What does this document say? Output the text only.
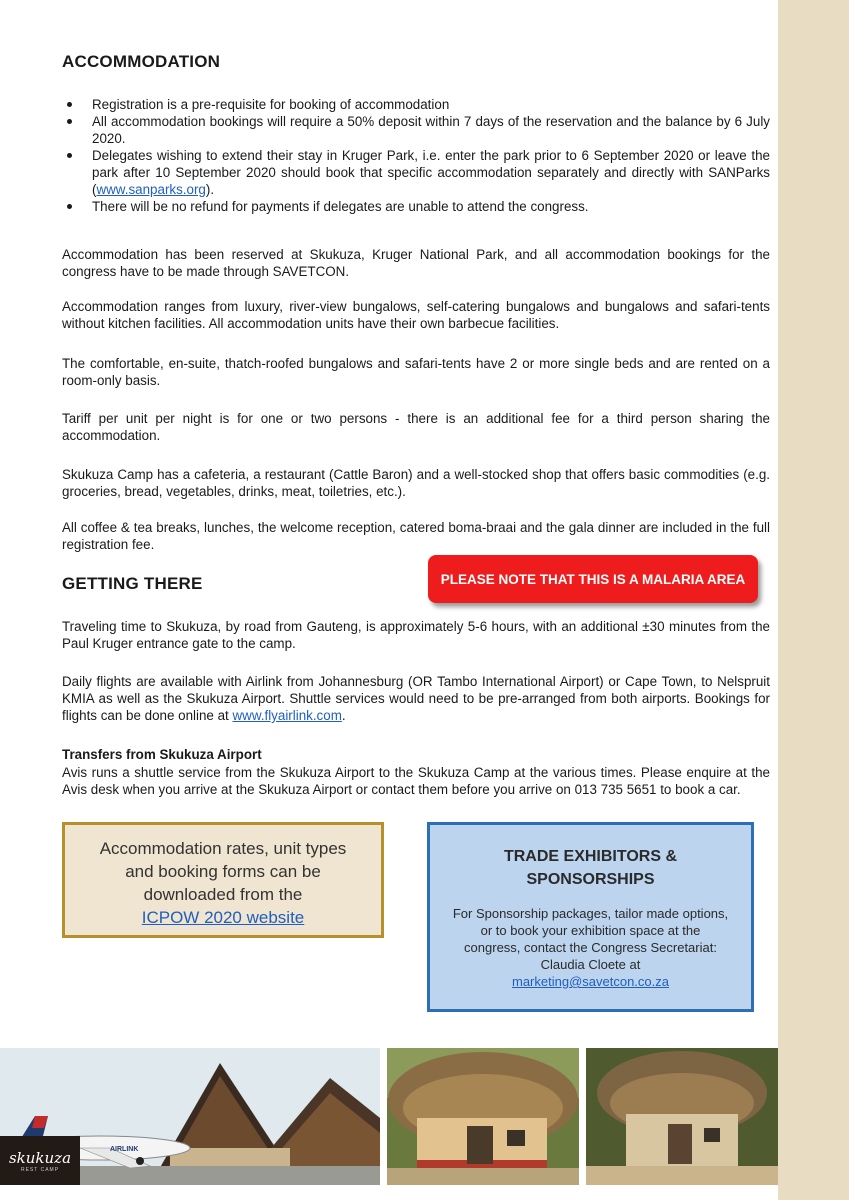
ACCOMMODATION
Registration is a pre-requisite for booking of accommodation
All accommodation bookings will require a 50% deposit within 7 days of the reservation and the balance by 6 July 2020.
Delegates wishing to extend their stay in Kruger Park, i.e. enter the park prior to 6 September 2020 or leave the park after 10 September 2020 should book that specific accommodation separately and directly with SANParks (www.sanparks.org).
There will be no refund for payments if delegates are unable to attend the congress.

Accommodation has been reserved at Skukuza, Kruger National Park, and all accommodation bookings for the congress have to be made through SAVETCON.

Accommodation ranges from luxury, river-view bungalows, self-catering bungalows and bungalows and safari-tents without kitchen facilities. All accommodation units have their own barbecue facilities.

The comfortable, en-suite, thatch-roofed bungalows and safari-tents have 2 or more single beds and are rented on a room-only basis.

Tariff per unit per night is for one or two persons - there is an additional fee for a third person sharing the accommodation.

Skukuza Camp has a cafeteria, a restaurant (Cattle Baron) and a well-stocked shop that offers basic commodities (e.g. groceries, bread, vegetables, drinks, meat, toiletries, etc.).

All coffee & tea breaks, lunches, the welcome reception, catered boma-braai and the gala dinner are included in the full registration fee.

GETTING THERE

Traveling time to Skukuza, by road from Gauteng, is approximately 5-6 hours, with an additional ±30 minutes from the Paul Kruger entrance gate to the camp.

Daily flights are available with Airlink from Johannesburg (OR Tambo International Airport) or Cape Town, to Nelspruit KMIA as well as the Skukuza Airport. Shuttle services would need to be pre-arranged from both airports. Bookings for flights can be done online at www.flyairlink.com.

Transfers from Skukuza Airport

Avis runs a shuttle service from the Skukuza Airport to the Skukuza Camp at the various times. Please enquire at the Avis desk when you arrive at the Skukuza Airport or contact them before you arrive on 013 735 5651 to book a car.

PLEASE NOTE THAT THIS IS A MALARIA AREA
Accommodation rates, unit types
and booking forms can be
downloaded from the
ICPOW 2020 website
TRADE EXHIBITORS &
SPONSORSHIPS
For Sponsorship packages, tailor made options,
or to book your exhibition space at the
congress, contact the Congress Secretariat:
Claudia Cloete at
marketing@savetcon.co.za
AIRLINK
skukuza
REST CAMP
